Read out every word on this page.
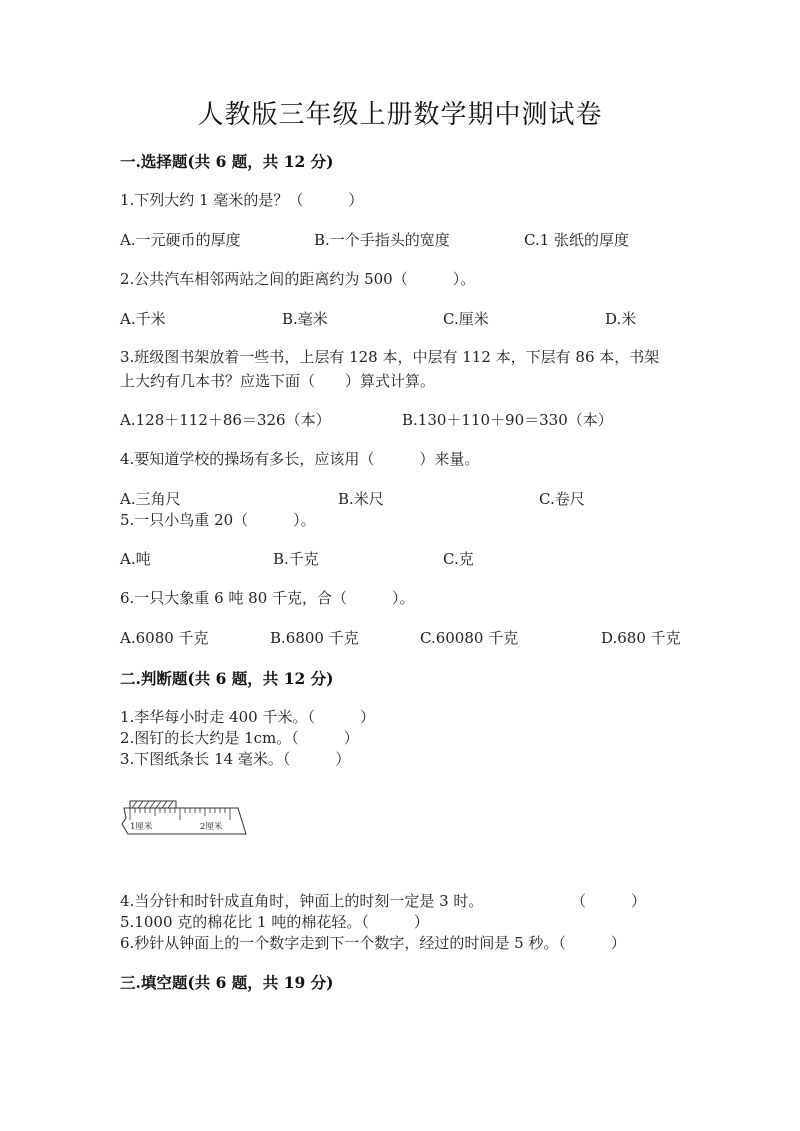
人教版三年级上册数学期中测试卷
一.选择题(共 6 题，共 12 分)
1.下列大约 1 毫米的是？（　　　）
A.一元硬币的厚度	B.一个手指头的宽度	C.1 张纸的厚度
2.公共汽车相邻两站之间的距离约为 500（　　　）。
A.千米	B.毫米	C.厘米	D.米
3.班级图书架放着一些书，上层有 128 本，中层有 112 本，下层有 86 本，书架
上大约有几本书？应选下面（　　）算式计算。
A.128＋112＋86＝326（本）	B.130＋110＋90＝330（本）
4.要知道学校的操场有多长，应该用（　　　）来量。
A.三角尺	B.米尺	C.卷尺
5.一只小鸟重 20（　　　）。
A.吨	B.千克	C.克
6.一只大象重 6 吨 80 千克，合（　　　）。
A.6080 千克	B.6800 千克	C.60080 千克	D.680 千克
二.判断题(共 6 题，共 12 分)
1.李华每小时走 400 千米。（　　　）
2.图钉的长大约是 1cm。（　　　）
3.下图纸条长 14 毫米。（　　　）
1厘米	2厘米
4.当分针和时针成直角时，钟面上的时刻一定是 3 时。	（　　　）
5.1000 克的棉花比 1 吨的棉花轻。（　　　）
6.秒针从钟面上的一个数字走到下一个数字，经过的时间是 5 秒。（　　　）
三.填空题(共 6 题，共 19 分)
